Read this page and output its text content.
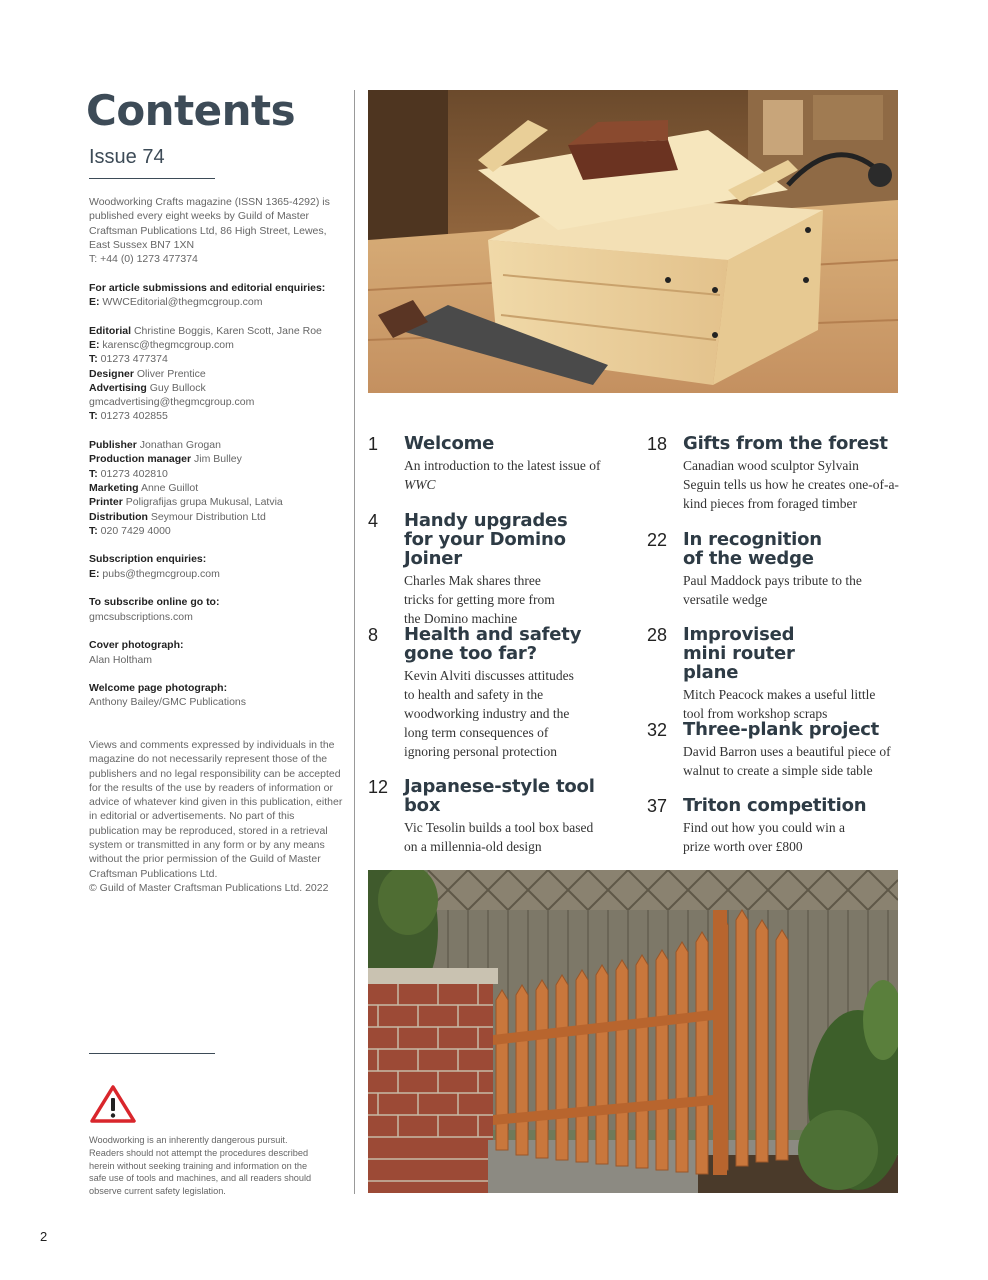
Contents
Issue 74
Woodworking Crafts magazine (ISSN 1365-4292) is published every eight weeks by Guild of Master Craftsman Publications Ltd, 86 High Street, Lewes, East Sussex BN7 1XN
T: +44 (0) 1273 477374
For article submissions and editorial enquiries:
E: WWCEditorial@thegmcgroup.com
Editorial Christine Boggis, Karen Scott, Jane Roe
E: karensc@thegmcgroup.com
T: 01273 477374
Designer Oliver Prentice
Advertising Guy Bullock
gmcadvertising@thegmcgroup.com
T: 01273 402855
Publisher Jonathan Grogan
Production manager Jim Bulley
T: 01273 402810
Marketing Anne Guillot
Printer Poligrafijas grupa Mukusal, Latvia
Distribution Seymour Distribution Ltd
T: 020 7429 4000
Subscription enquiries:
E: pubs@thegmcgroup.com
To subscribe online go to:
gmcsubscriptions.com
Cover photograph:
Alan Holtham
Welcome page photograph:
Anthony Bailey/GMC Publications
Views and comments expressed by individuals in the magazine do not necessarily represent those of the publishers and no legal responsibility can be accepted for the results of the use by readers of information or advice of whatever kind given in this publication, either in editorial or advertisements. No part of this publication may be reproduced, stored in a retrieval system or transmitted in any form or by any means without the prior permission of the Guild of Master Craftsman Publications Ltd.
© Guild of Master Craftsman Publications Ltd. 2022
Woodworking is an inherently dangerous pursuit. Readers should not attempt the procedures described herein without seeking training and information on the safe use of tools and machines, and all readers should observe current safety legislation.
1 Welcome
An introduction to the latest issue of WWC
4 Handy upgrades for your Domino Joiner
Charles Mak shares three tricks for getting more from the Domino machine
8 Health and safety gone too far?
Kevin Alviti discusses attitudes to health and safety in the woodworking industry and the long term consequences of ignoring personal protection
12 Japanese-style tool box
Vic Tesolin builds a tool box based on a millennia-old design
18 Gifts from the forest
Canadian wood sculptor Sylvain Seguin tells us how he creates one-of-a-kind pieces from foraged timber
22 In recognition of the wedge
Paul Maddock pays tribute to the versatile wedge
28 Improvised mini router plane
Mitch Peacock makes a useful little tool from workshop scraps
32 Three-plank project
David Barron uses a beautiful piece of walnut to create a simple side table
37 Triton competition
Find out how you could win a prize worth over £800
2
